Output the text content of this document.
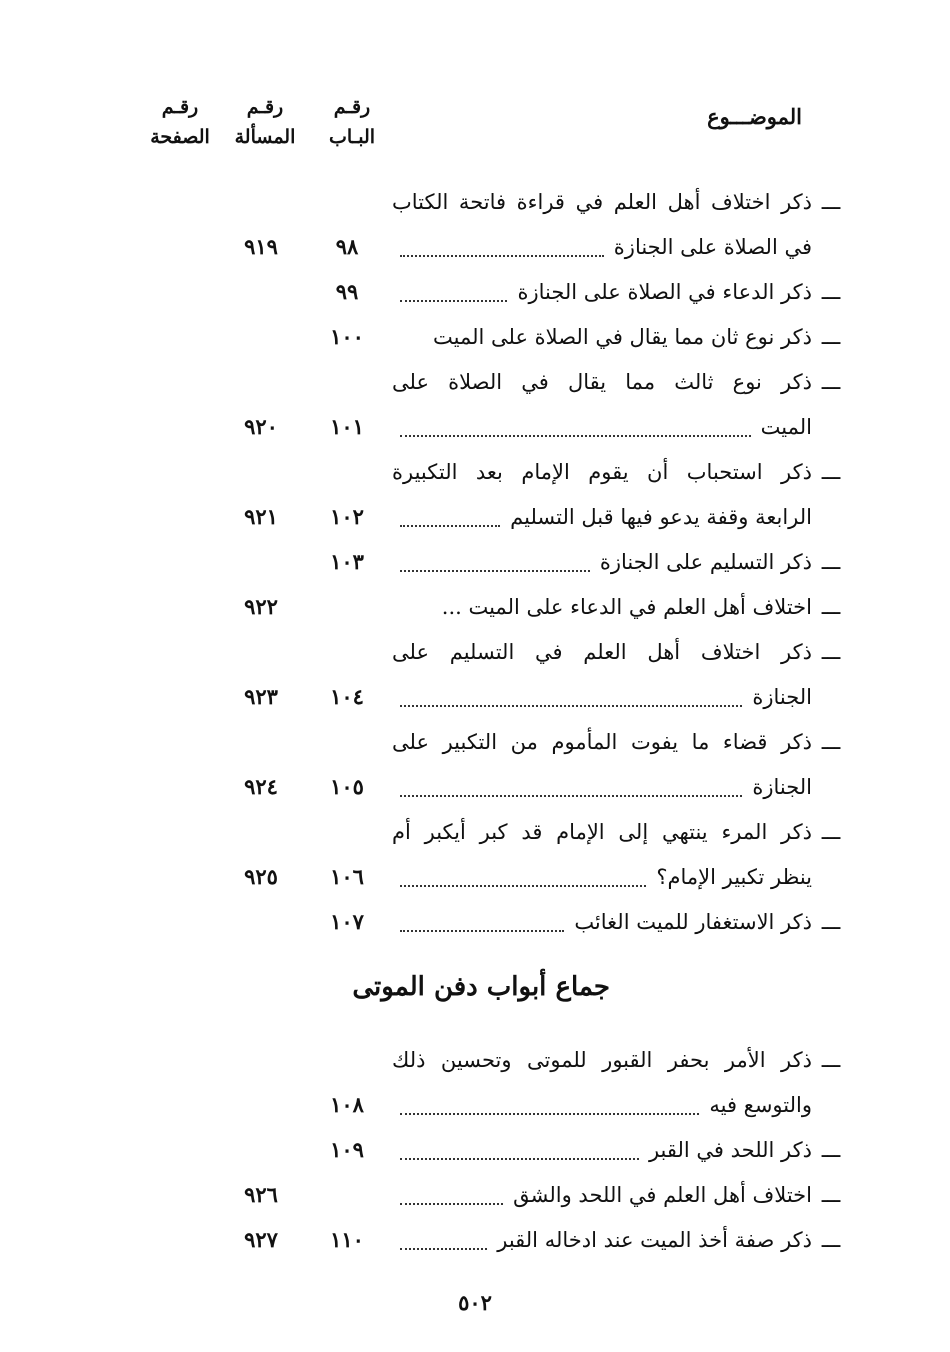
الموضـــوع
رقـم
البـاب
رقـم
المسألة
رقـم
الصفحة
ـــ
ذكر اختلاف أهل العلم في قراءة فاتحة الكتاب
في الصلاة على الجنازة
٩٨
٩١٩
ـــ
ذكر الدعاء في الصلاة على الجنازة
٩٩
ـــ
ذكر نوع ثان مما يقال في الصلاة على الميت
١٠٠
ـــ
ذكر نوع ثالث مما يقال في الصلاة على
الميت
١٠١
٩٢٠
ـــ
ذكر استحباب أن يقوم الإمام بعد التكبيرة
الرابعة وقفة يدعو فيها قبل التسليم
١٠٢
٩٢١
ـــ
ذكر التسليم على الجنازة
١٠٣
ـــ
اختلاف أهل العلم في الدعاء على الميت ...
٩٢٢
ـــ
ذكر اختلاف أهل العلم في التسليم على
الجنازة
١٠٤
٩٢٣
ـــ
ذكر قضاء ما يفوت المأموم من التكبير على
الجنازة
١٠٥
٩٢٤
ـــ
ذكر المرء ينتهي إلى الإمام قد كبر أيكبر أم
ينظر تكبير الإمام؟
١٠٦
٩٢٥
ـــ
ذكر الاستغفار للميت الغائب
١٠٧
ـــ
ذكر الأمر بحفر القبور للموتى وتحسين ذلك
والتوسع فيه
١٠٨
ـــ
ذكر اللحد في القبر
١٠٩
ـــ
اختلاف أهل العلم في اللحد والشق
٩٢٦
ـــ
ذكر صفة أخذ الميت عند ادخاله القبر
١١٠
٩٢٧
جماع أبواب دفن الموتى
٥٠٢
